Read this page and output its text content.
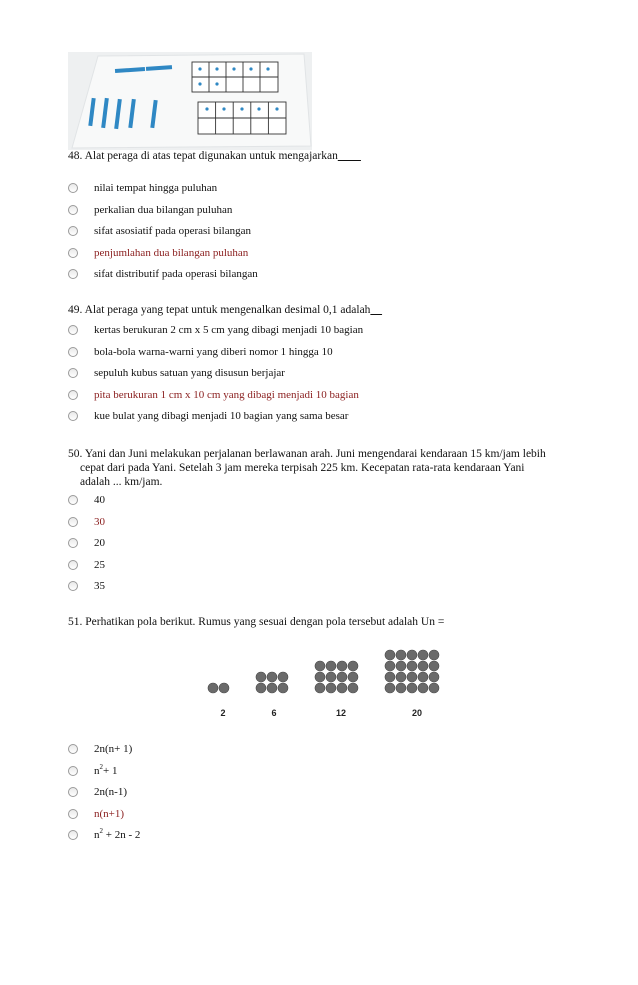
48. Alat peraga di atas tepat digunakan untuk mengajarkan____
nilai tempat hingga puluhan
perkalian dua bilangan puluhan
sifat asosiatif pada operasi bilangan
penjumlahan dua bilangan puluhan
sifat distributif pada operasi bilangan
49. Alat peraga yang tepat untuk mengenalkan desimal 0,1 adalah__
kertas berukuran 2 cm x 5 cm yang dibagi menjadi 10 bagian
bola-bola warna-warni yang diberi nomor 1 hingga 10
sepuluh kubus satuan yang disusun berjajar
pita berukuran 1 cm x 10 cm yang dibagi menjadi 10 bagian
kue bulat yang dibagi menjadi 10 bagian yang sama besar
50. Yani dan Juni melakukan perjalanan berlawanan arah. Juni mengendarai kendaraan 15 km/jam lebih
cepat dari pada Yani. Setelah 3 jam mereka terpisah 225 km. Kecepatan rata-rata kendaraan Yani
adalah ... km/jam.
40
30
20
25
35
51. Perhatikan pola berikut. Rumus yang sesuai dengan pola tersebut adalah Un =
2	6	12	20
2n(n+ 1)
$n^2+ 1$
2n(n-1)
n(n+1)
$n^2 + 2n - 2$
